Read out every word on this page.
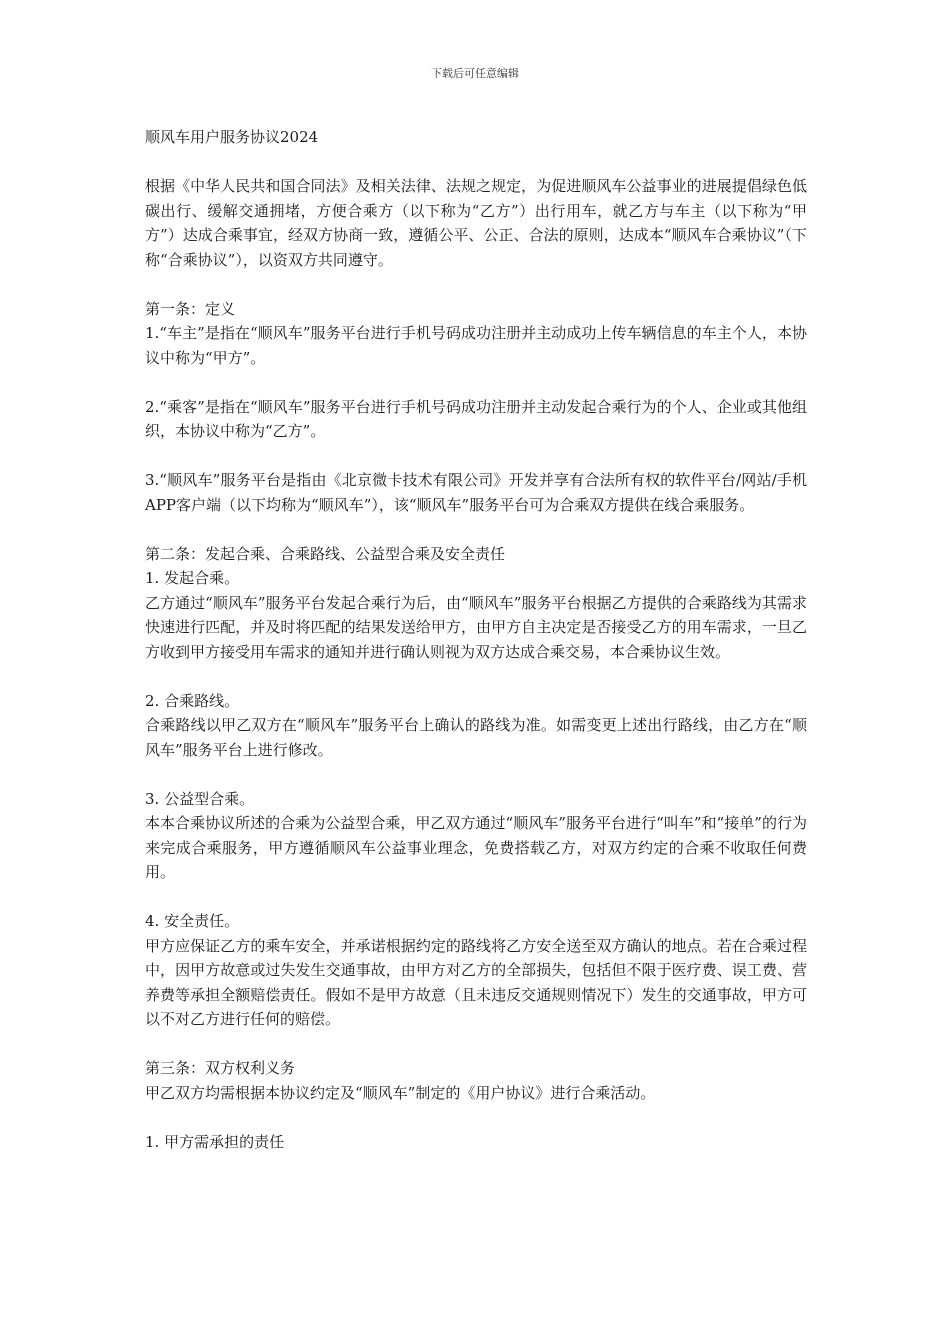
下载后可任意编辑

顺风车用户服务协议2024

根据《中华人民共和国合同法》及相关法律、法规之规定，为促进顺风车公益事业的进展提倡绿色低碳出行、缓解交通拥堵，方便合乘方（以下称为“乙方”）出行用车，就乙方与车主（以下称为“甲方”）达成合乘事宜，经双方协商一致，遵循公平、公正、合法的原则，达成本“顺风车合乘协议”（下称“合乘协议”），以资双方共同遵守。

第一条：定义

1.“车主”是指在“顺风车”服务平台进行手机号码成功注册并主动成功上传车辆信息的车主个人，本协议中称为“甲方”。

2.“乘客”是指在“顺风车”服务平台进行手机号码成功注册并主动发起合乘行为的个人、企业或其他组织，本协议中称为“乙方”。

3.“顺风车”服务平台是指由《北京微卡技术有限公司》开发并享有合法所有权的软件平台/网站/手机APP客户端（以下均称为“顺风车”），该“顺风车”服务平台可为合乘双方提供在线合乘服务。

第二条：发起合乘、合乘路线、公益型合乘及安全责任

1. 发起合乘。

乙方通过“顺风车”服务平台发起合乘行为后，由“顺风车”服务平台根据乙方提供的合乘路线为其需求快速进行匹配，并及时将匹配的结果发送给甲方，由甲方自主决定是否接受乙方的用车需求，一旦乙方收到甲方接受用车需求的通知并进行确认则视为双方达成合乘交易，本合乘协议生效。

2. 合乘路线。

合乘路线以甲乙双方在“顺风车”服务平台上确认的路线为准。如需变更上述出行路线，由乙方在“顺风车”服务平台上进行修改。

3. 公益型合乘。

本本合乘协议所述的合乘为公益型合乘，甲乙双方通过“顺风车”服务平台进行“叫车”和“接单”的行为来完成合乘服务，甲方遵循顺风车公益事业理念，免费搭载乙方，对双方约定的合乘不收取任何费用。

4. 安全责任。

甲方应保证乙方的乘车安全，并承诺根据约定的路线将乙方安全送至双方确认的地点。若在合乘过程中，因甲方故意或过失发生交通事故，由甲方对乙方的全部损失，包括但不限于医疗费、误工费、营养费等承担全额赔偿责任。假如不是甲方故意（且未违反交通规则情况下）发生的交通事故，甲方可以不对乙方进行任何的赔偿。

第三条：双方权利义务

甲乙双方均需根据本协议约定及“顺风车”制定的《用户协议》进行合乘活动。

1. 甲方需承担的责任
